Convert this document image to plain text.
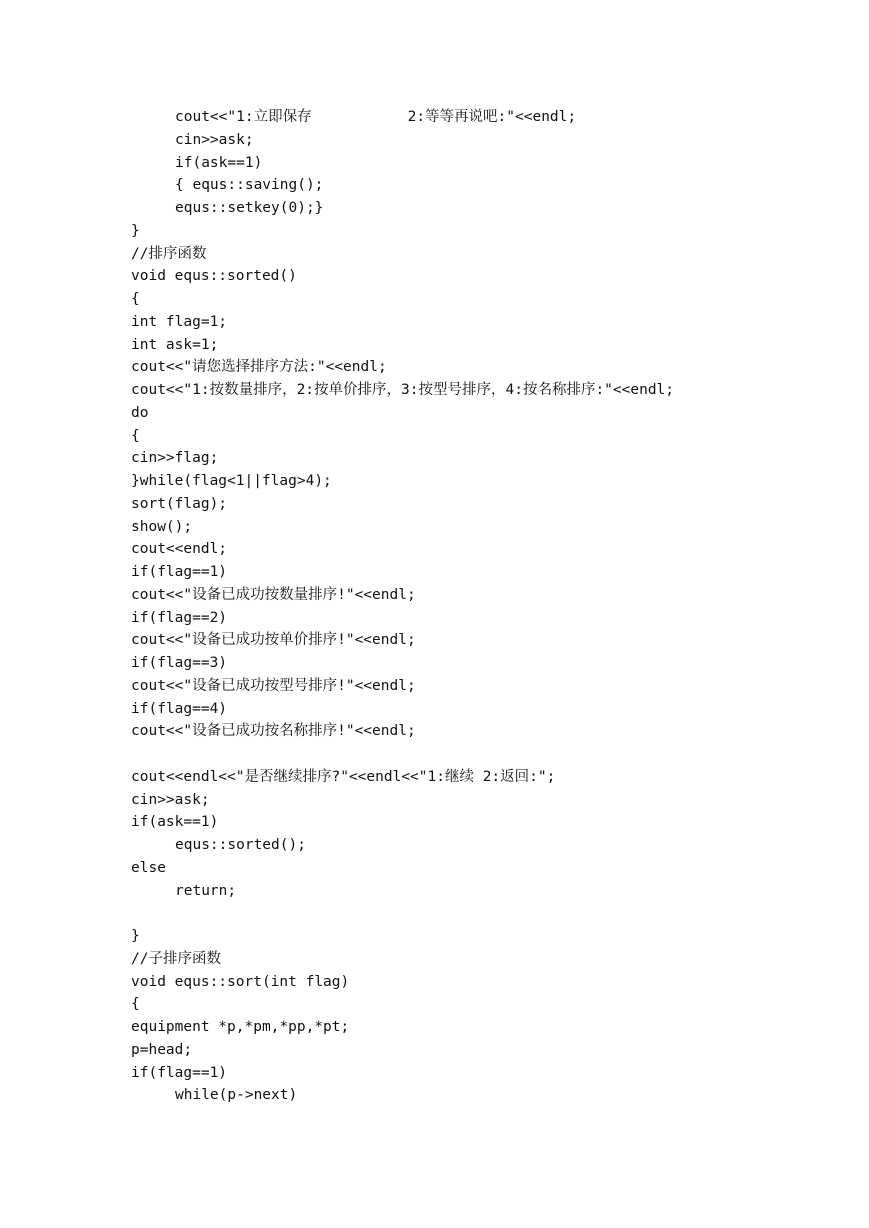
cout<<"1:立即保存           2:等等再说吧:"<<endl;
cin>>ask;
if(ask==1)
{ equs::saving();
equs::setkey(0);}
}
//排序函数
void equs::sorted()
{
int flag=1;
int ask=1;
cout<<"请您选择排序方法:"<<endl;
cout<<"1:按数量排序，2:按单价排序，3:按型号排序，4:按名称排序:"<<endl;
do
{
cin>>flag;
}while(flag<1||flag>4);
sort(flag);
show();
cout<<endl;
if(flag==1)
cout<<"设备已成功按数量排序!"<<endl;
if(flag==2)
cout<<"设备已成功按单价排序!"<<endl;
if(flag==3)
cout<<"设备已成功按型号排序!"<<endl;
if(flag==4)
cout<<"设备已成功按名称排序!"<<endl;
cout<<endl<<"是否继续排序?"<<endl<<"1:继续 2:返回:";
cin>>ask;
if(ask==1)
equs::sorted();
else
return;
}
//子排序函数
void equs::sort(int flag)
{
equipment *p,*pm,*pp,*pt;
p=head;
if(flag==1)
while(p->next)
